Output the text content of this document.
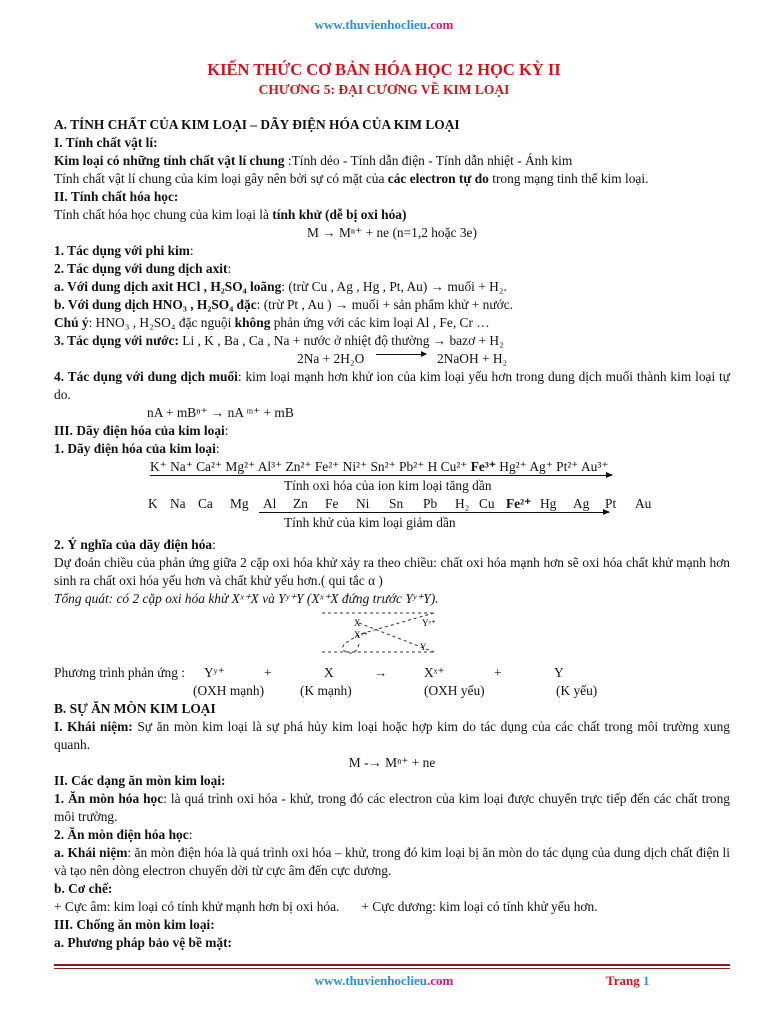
www.thuvienhoclieu.com
KIẾN THỨC CƠ BẢN HÓA HỌC 12 HỌC KỲ II
CHƯƠNG 5: ĐẠI CƯƠNG VỀ KIM LOẠI
A. TÍNH CHẤT CỦA KIM LOẠI – DÃY ĐIỆN HÓA CỦA KIM LOẠI
I. Tính chất vật lí:
Kim loại có những tính chất vật lí chung :Tính dẻo - Tính dẫn điện - Tính dẫn nhiệt - Ánh kim
Tính chất vật lí chung của kim loại gây nên bởi sự có mặt của các electron tự do trong mạng tinh thể kim loại.
II. Tính chất hóa học:
Tính chất hóa học chung của kim loại là tính khử (dễ bị oxi hóa)
M → Mⁿ⁺ + ne (n=1,2 hoặc 3e)
1. Tác dụng với phi kim:
2. Tác dụng với dung dịch axit:
a. Với dung dịch axit HCl , H₂SO₄ loãng: (trừ Cu , Ag , Hg , Pt, Au) → muối + H₂.
b. Với dung dịch HNO₃ , H₂SO₄ đặc: (trừ Pt , Au ) → muối + sản phẩm khử + nước.
Chú ý: HNO₃ , H₂SO₄ đặc nguội không phản ứng với các kim loại Al , Fe, Cr …
3. Tác dụng với nước: Li , K , Ba , Ca , Na + nước ở nhiệt độ thường → bazơ + H₂
2Na + 2H₂O	2NaOH + H₂
4. Tác dụng với dung dịch muối: kim loại mạnh hơn khử ion của kim loại yếu hơn trong dung dịch muối thành kim loại tự do.
nA + mBⁿ⁺ → nA ᵐ⁺ + mB
III. Dãy điện hóa của kim loại:
1. Dãy điện hóa của kim loại:
K⁺ Na⁺ Ca²⁺ Mg²⁺ Al³⁺ Zn²⁺ Fe²⁺ Ni²⁺ Sn²⁺ Pb²⁺ H Cu²⁺ Fe³⁺ Hg²⁺ Ag⁺ Pt²⁺ Au³⁺
Tính oxi hóa của ion kim loại tăng dần
K Na Ca Mg Al Zn Fe Ni Sn Pb H₂ Cu Fe²⁺ Hg Ag Pt Au
Tính khử của kim loại giảm dần
2. Ý nghĩa của dãy điện hóa:
Dự đoán chiều của phản ứng giữa 2 cặp oxi hóa khử xảy ra theo chiều: chất oxi hóa mạnh hơn sẽ oxi hóa chất khử mạnh hơn sinh ra chất oxi hóa yếu hơn và chất khử yếu hơn.( qui tắc α )
Tổng quát: có 2 cặp oxi hóa khử Xˣ⁺X và Yʸ⁺Y (Xˣ⁺X đứng trước Yʸ⁺Y).
X
Xˣ⁺
Yʸ⁺
Y
Phương trình phản ứng : Yʸ⁺	+	X	→	Xˣ⁺	+	Y
(OXH mạnh)	(K mạnh)	(OXH yếu)	(K yếu)
B. SỰ ĂN MÒN KIM LOẠI
I. Khái niệm: Sự ăn mòn kim loại là sự phá hủy kim loại hoặc hợp kim do tác dụng của các chất trong môi trường xung quanh.
M -→ Mⁿ⁺ + ne
II. Các dạng ăn mòn kim loại:
1. Ăn mòn hóa học: là quá trình oxi hóa - khử, trong đó các electron của kim loại được chuyển trực tiếp đến các chất trong môi trường.
2. Ăn mòn điện hóa học:
a. Khái niệm: ăn mòn điện hóa là quá trình oxi hóa – khử, trong đó kim loại bị ăn mòn do tác dụng của dung dịch chất điện li và tạo nên dòng electron chuyển dời từ cực âm đến cực dương.
b. Cơ chế:
+ Cực âm: kim loại có tính khử mạnh hơn bị oxi hóa. + Cực dương: kim loại có tính khử yếu hơn.
III. Chống ăn mòn kim loại:
a. Phương pháp bảo vệ bề mặt:
www.thuvienhoclieu.com	Trang 1
